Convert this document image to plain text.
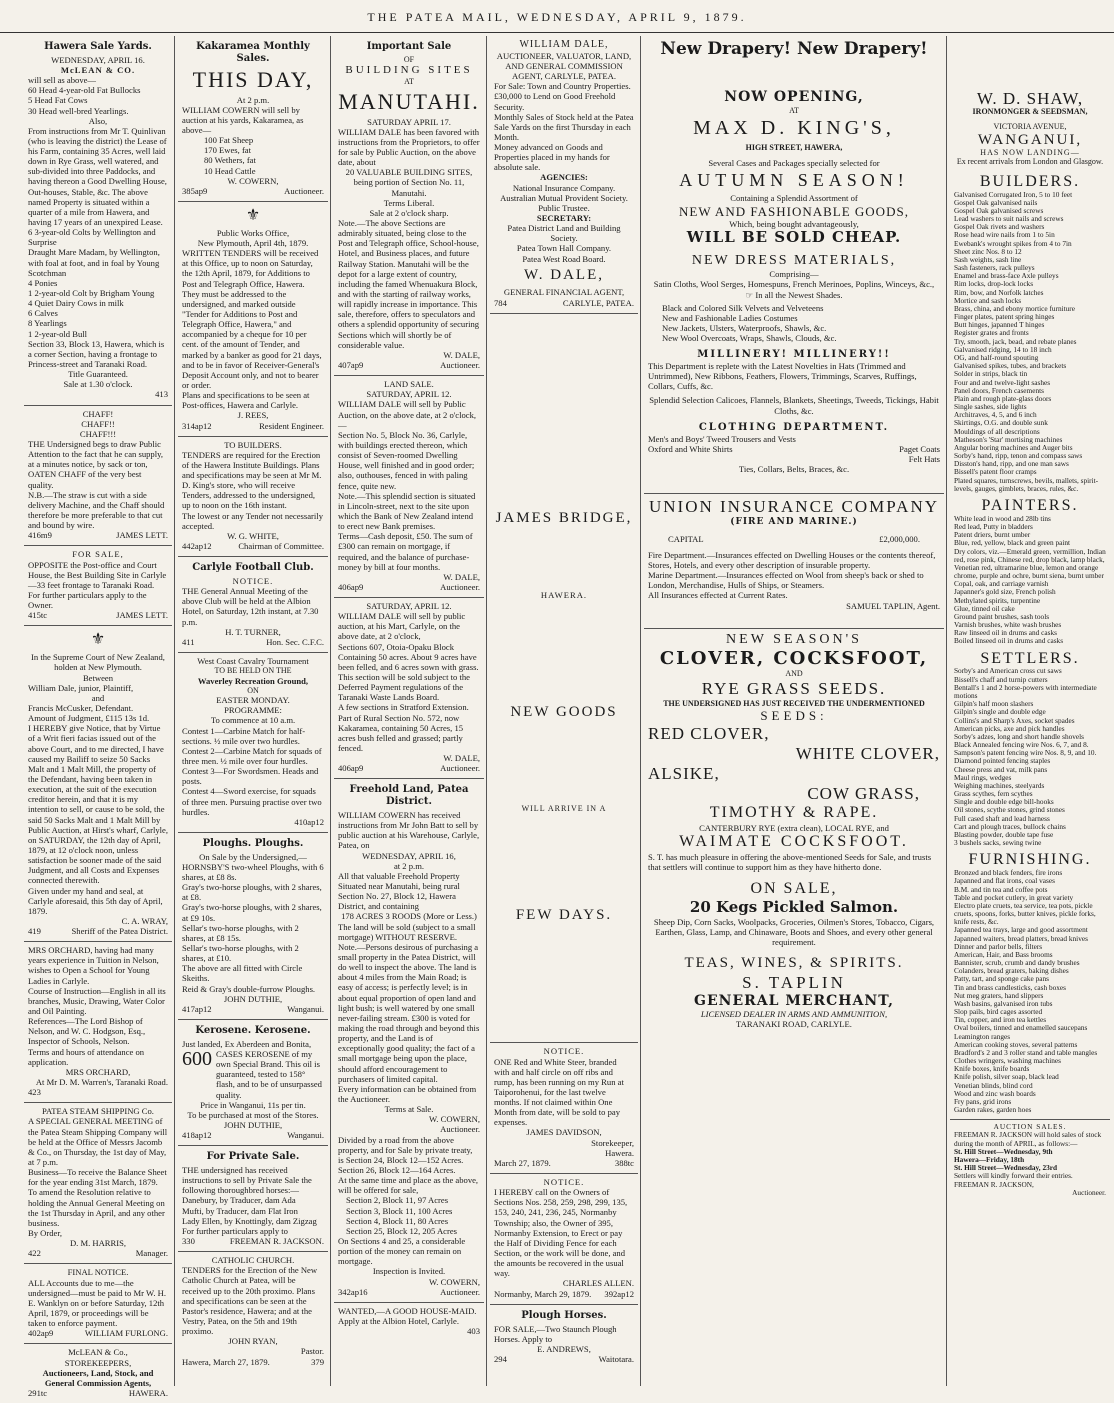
THE PATEA MAIL, WEDNESDAY, APRIL 9, 1879.
Hawera Sale Yards.
WEDNESDAY, APRIL 16.
McLEAN & CO.
will sell as above—
60 Head 4-year-old Fat Bullocks
5 Head Fat Cows
30 Head well-bred Yearlings.
Also,
From instructions from Mr T. Quinlivan (who is leaving the district) the Lease of his Farm, containing 35 Acres, well laid down in Rye Grass, well watered, and sub-divided into three Paddocks, and having thereon a Good Dwelling House, Out-houses, Stable, &c. The above named Property is situated within a quarter of a mile from Hawera, and having 17 years of an unexpired Lease.
6 3-year-old Colts by Wellington and Surprise
Draught Mare Madam, by Wellington, with foal at foot, and in foal by Young Scotchman
4 Ponies
1 2-year-old Colt by Brigham Young
4 Quiet Dairy Cows in milk
6 Calves
8 Yearlings
1 2-year-old Bull
Section 33, Block 13, Hawera, which is a corner Section, having a frontage to Princess-street and Taranaki Road.
Title Guaranteed.
Sale at 1.30 o'clock.
413
CHAFF!
CHAFF!!
CHAFF!!!
THE Undersigned begs to draw Public Attention to the fact that he can supply, at a minutes notice, by sack or ton, OATEN CHAFF of the very best quality.
N.B.—The straw is cut with a side delivery Machine, and the Chaff should therefore be more preferable to that cut and bound by wire.
416m9	JAMES LETT.
FOR SALE,
OPPOSITE the Post-office and Court House, the Best Building Site in Carlyle—33 feet frontage to Taranaki Road.
For further particulars apply to the Owner.
415tc	JAMES LETT.
⚜
In the Supreme Court of New Zealand, holden at New Plymouth.
Between
William Dale, junior, Plaintiff,
and
Francis McCusker, Defendant.
Amount of Judgment, £115 13s 1d.
I HEREBY give Notice, that by Virtue of a Writ fieri facias issued out of the above Court, and to me directed, I have caused my Bailiff to seize 50 Sacks Malt and 1 Malt Mill, the property of the Defendant, having been taken in execution, at the suit of the execution creditor herein, and that it is my intention to sell, or cause to be sold, the said 50 Sacks Malt and 1 Malt Mill by Public Auction, at Hirst's wharf, Carlyle, on SATURDAY, the 12th day of April, 1879, at 12 o'clock noon, unless satisfaction be sooner made of the said Judgment, and all Costs and Expenses connected therewith.
Given under my hand and seal, at Carlyle aforesaid, this 5th day of April, 1879.
C. A. WRAY,
419	Sheriff of the Patea District.
MRS ORCHARD, having had many years experience in Tuition in Nelson, wishes to Open a School for Young Ladies in Carlyle.
Course of Instruction—English in all its branches, Music, Drawing, Water Color and Oil Painting.
References—The Lord Bishop of Nelson, and W. C. Hodgson, Esq., Inspector of Schools, Nelson.
Terms and hours of attendance on application.
MRS ORCHARD,
At Mr D. M. Warren's, Taranaki Road.
423
PATEA STEAM SHIPPING Co.
A SPECIAL GENERAL MEETING of the Patea Steam Shipping Company will be held at the Office of Messrs Jacomb & Co., on Thursday, the 1st day of May, at 7 p.m.
Business—To receive the Balance Sheet for the year ending 31st March, 1879. To amend the Resolution relative to holding the Annual General Meeting on the 1st Thursday in April, and any other business.
By Order,
D. M. HARRIS,
422	Manager.
FINAL NOTICE.
ALL Accounts due to me—the undersigned—must be paid to Mr W. H. E. Wanklyn on or before Saturday, 12th April, 1879, or proceedings will be taken to enforce payment.
402ap9	WILLIAM FURLONG.
McLEAN & Co.,
STOREKEEPERS,
Auctioneers, Land, Stock, and General Commission Agents,
291tc	HAWERA.
Kakaramea Monthly Sales.
THIS DAY,
At 2 p.m.
WILLIAM COWERN will sell by auction at his yards, Kakaramea, as above—
100 Fat Sheep
170 Ewes, fat
80 Wethers, fat
10 Head Cattle
W. COWERN,
385ap9	Auctioneer.
⚜
Public Works Office,
New Plymouth, April 4th, 1879.
WRITTEN TENDERS will be received at this Office, up to noon on Saturday, the 12th April, 1879, for Additions to Post and Telegraph Office, Hawera.
They must be addressed to the undersigned, and marked outside "Tender for Additions to Post and Telegraph Office, Hawera," and accompanied by a cheque for 10 per cent. of the amount of Tender, and marked by a banker as good for 21 days, and to be in favor of Receiver-General's Deposit Account only, and not to bearer or order.
Plans and specifications to be seen at Post-offices, Hawera and Carlyle.
J. REES,
314ap12	Resident Engineer.
TO BUILDERS.
TENDERS are required for the Erection of the Hawera Institute Buildings. Plans and specifications may be seen at Mr M. D. King's store, who will receive Tenders, addressed to the undersigned, up to noon on the 16th instant.
The lowest or any Tender not necessarily accepted.
W. G. WHITE,
442ap12	Chairman of Committee.
Carlyle Football Club.
NOTICE.
THE General Annual Meeting of the above Club will be held at the Albion Hotel, on Saturday, 12th instant, at 7.30 p.m.
H. T. TURNER,
411	Hon. Sec. C.F.C.
West Coast Cavalry Tournament
TO BE HELD ON THE
Waverley Recreation Ground,
ON
EASTER MONDAY.
PROGRAMME:
To commence at 10 a.m.
Contest 1—Carbine Match for half-sections. ½ mile over two hurdles.
Contest 2—Carbine Match for squads of three men. ½ mile over four hurdles.
Contest 3—For Swordsmen. Heads and posts.
Contest 4—Sword exercise, for squads of three men. Pursuing practise over two hurdles.
410ap12
Ploughs. Ploughs.
On Sale by the Undersigned,—
HORNSBY'S two-wheel Ploughs, with 6 shares, at £8 8s.
Gray's two-horse ploughs, with 2 shares, at £8.
Gray's two-horse ploughs, with 2 shares, at £9 10s.
Sellar's two-horse ploughs, with 2 shares, at £8 15s.
Sellar's two-horse ploughs, with 2 shares, at £10.
The above are all fitted with Circle Skeiths.
Reid & Gray's double-furrow Ploughs.
JOHN DUTHIE,
417ap12	Wanganui.
Kerosene. Kerosene.
Just landed, Ex Aberdeen and Bonita,
600 CASES KEROSENE of my own Special Brand. This oil is guaranteed, tested to 158° flash, and to be of unsurpassed quality.
Price in Wanganui, 11s per tin.
To be purchased at most of the Stores.
JOHN DUTHIE,
418ap12	Wanganui.
For Private Sale.
THE undersigned has received instructions to sell by Private Sale the following thoroughbred horses:—
Danebury, by Traducer, dam Ada
Mufti, by Traducer, dam Flat Iron
Lady Ellen, by Knottingly, dam Zigzag
For further particulars apply to
330	FREEMAN R. JACKSON.
CATHOLIC CHURCH.
TENDERS for the Erection of the New Catholic Church at Patea, will be received up to the 20th proximo. Plans and specifications can be seen at the Pastor's residence, Hawera; and at the Vestry, Patea, on the 5th and 19th proximo.
JOHN RYAN,
Pastor.
Hawera, March 27, 1879.	379
Important Sale
OF
BUILDING SITES
AT
MANUTAHI.
SATURDAY APRIL 17.
WILLIAM DALE has been favored with instructions from the Proprietors, to offer for sale by Public Auction, on the above date, about
20 VALUABLE BUILDING SITES,
being portion of Section No. 11,
Manutahi.
Terms Liberal.
Sale at 2 o'clock sharp.
Note.—The above Sections are admirably situated, being close to the Post and Telegraph office, School-house, Hotel, and Business places, and future Railway Station. Manutahi will be the depot for a large extent of country, including the famed Whenuakura Block, and with the starting of railway works, will rapidly increase in importance. This sale, therefore, offers to speculators and others a splendid opportunity of securing Sections which will shortly be of considerable value.
W. DALE,
407ap9	Auctioneer.
LAND SALE.
SATURDAY, APRIL 12.
WILLIAM DALE will sell by Public Auction, on the above date, at 2 o'clock,—
Section No. 5, Block No. 36, Carlyle, with buildings erected thereon, which consist of Seven-roomed Dwelling House, well finished and in good order; also, outhouses, fenced in with paling fence, quite new.
Note.—This splendid section is situated in Lincoln-street, next to the site upon which the Bank of New Zealand intend to erect new Bank premises.
Terms—Cash deposit, £50. The sum of £300 can remain on mortgage, if required, and the balance of purchase-money by bill at four months.
W. DALE,
406ap9	Auctioneer.
SATURDAY, APRIL 12.
WILLIAM DALE will sell by public auction, at his Mart, Carlyle, on the above date, at 2 o'clock,
Sections 607, Otoia-Opaku Block Containing 50 acres. About 9 acres have been felled, and 6 acres sown with grass.
This section will be sold subject to the Deferred Payment regulations of the Taranaki Waste Lands Board.
A few sections in Stratford Extension.
Part of Rural Section No. 572, now Kakaramea, containing 50 Acres, 15 acres bush felled and grassed; partly fenced.
W. DALE,
406ap9	Auctioneer.
Freehold Land, Patea District.
WILLIAM COWERN has received instructions from Mr John Batt to sell by public auction at his Warehouse, Carlyle, Patea, on
WEDNESDAY, APRIL 16,
at 2 p.m.
All that valuable Freehold Property Situated near Manutahi, being rural Section No. 27, Block 12, Hawera District, and containing
178 ACRES 3 ROODS (More or Less.)
The land will be sold (subject to a small mortgage) WITHOUT RESERVE.
Note.—Persons desirous of purchasing a small property in the Patea District, will do well to inspect the above. The land is about 4 miles from the Main Road; is easy of access; is perfectly level; is in about equal proportion of open land and light bush; is well watered by one small never-failing stream. £300 is voted for making the road through and beyond this property, and the Land is of exceptionally good quality; the fact of a small mortgage being upon the place, should afford encouragement to purchasers of limited capital.
Every information can be obtained from the Auctioneer.
Terms at Sale.
W. COWERN,
Auctioneer.
Divided by a road from the above property, and for Sale by private treaty, is Section 24, Block 12—152 Acres. Section 26, Block 12—164 Acres.
At the same time and place as the above, will be offered for sale,
Section 2, Block 11, 97 Acres
Section 3, Block 11, 100 Acres
Section 4, Block 11, 80 Acres
Section 25, Block 12, 205 Acres
On Sections 4 and 25, a considerable portion of the money can remain on mortgage.
Inspection is Invited.
W. COWERN,
342ap16	Auctioneer.
WANTED,—A GOOD HOUSE-MAID. Apply at the Albion Hotel, Carlyle.
403
WILLIAM DALE,
AUCTIONEER, VALUATOR, LAND, AND GENERAL COMMISSION AGENT, CARLYLE, PATEA.
For Sale: Town and Country Properties.
£30,000 to Lend on Good Freehold Security.
Monthly Sales of Stock held at the Patea Sale Yards on the first Thursday in each Month.
Money advanced on Goods and Properties placed in my hands for absolute sale.
AGENCIES:
National Insurance Company.
Australian Mutual Provident Society.
Public Trustee.
SECRETARY:
Patea District Land and Building Society.
Patea Town Hall Company.
Patea West Road Board.
W. DALE,
GENERAL FINANCIAL AGENT,
784	CARLYLE, PATEA.
JAMES BRIDGE,
HAWERA.
NEW GOODS
WILL ARRIVE IN A
FEW DAYS.
NOTICE.
ONE Red and White Steer, branded with and half circle on off ribs and rump, has been running on my Run at Taiporohenui, for the last twelve months. If not claimed within One Month from date, will be sold to pay expenses.
JAMES DAVIDSON,
Storekeeper,
Hawera.
March 27, 1879.	388tc
NOTICE.
I HEREBY call on the Owners of Sections Nos. 258, 259, 298, 299, 135, 153, 240, 241, 236, 245, Normanby Township; also, the Owner of 395, Normanby Extension, to Erect or pay the Half of Dividing Fence for each Section, or the work will be done, and the amounts be recovered in the usual way.
CHARLES ALLEN.
Normanby, March 29, 1879. 392ap12
Plough Horses.
FOR SALE,—Two Staunch Plough Horses. Apply to
E. ANDREWS,
294	Waitotara.
New Drapery! New Drapery!
NOW OPENING,
AT
MAX D. KING'S,
HIGH STREET, HAWERA,
Several Cases and Packages specially selected for
AUTUMN SEASON!
Containing a Splendid Assortment of
NEW AND FASHIONABLE GOODS,
Which, being bought advantageously,
WILL BE SOLD CHEAP.
NEW DRESS MATERIALS,
Comprising—
Satin Cloths, Wool Serges, Homespuns, French Merinoes, Poplins, Winceys, &c.,
☞ In all the Newest Shades.
Black and Colored Silk Velvets and Velveteens
New and Fashionable Ladies Costumes
New Jackets, Ulsters, Waterproofs, Shawls, &c.
New Wool Overcoats, Wraps, Shawls, Clouds, &c.
MILLINERY! MILLINERY!!
This Department is replete with the Latest Novelties in Hats (Trimmed and Untrimmed), New Ribbons, Feathers, Flowers, Trimmings, Scarves, Ruffings, Collars, Cuffs, &c.
Splendid Selection Calicoes, Flannels, Blankets, Sheetings, Tweeds, Tickings, Habit Cloths, &c.
CLOTHING DEPARTMENT.
Men's and Boys' Tweed Trousers and Vests
Oxford and White Shirts	Paget Coats
Felt Hats
Ties, Collars, Belts, Braces, &c.
UNION INSURANCE COMPANY
(FIRE AND MARINE.)
CAPITAL	£2,000,000.
Fire Department.—Insurances effected on Dwelling Houses or the contents thereof, Stores, Hotels, and every other description of insurable property.
Marine Department.—Insurances effected on Wool from sheep's back or shed to London, Merchandise, Hulls of Ships, or Steamers.
All Insurances effected at Current Rates.
SAMUEL TAPLIN, Agent.
NEW SEASON'S
CLOVER, COCKSFOOT,
AND
RYE GRASS SEEDS.
THE UNDERSIGNED HAS JUST RECEIVED THE UNDERMENTIONED
SEEDS:
RED CLOVER,
WHITE CLOVER,
ALSIKE,
COW GRASS,
TIMOTHY & RAPE.
CANTERBURY RYE (extra clean), LOCAL RYE, and
WAIMATE COCKSFOOT.
S. T. has much pleasure in offering the above-mentioned Seeds for Sale, and trusts that settlers will continue to support him as they have hitherto done.
ON SALE,
20 Kegs Pickled Salmon.
Sheep Dip, Corn Sacks, Woolpacks, Groceries, Oilmen's Stores, Tobacco, Cigars, Earthen, Glass, Lamp, and Chinaware, Boots and Shoes, and every other general requirement.
TEAS, WINES, & SPIRITS.
S. TAPLIN
GENERAL MERCHANT,
LICENSED DEALER IN ARMS AND AMMUNITION,
TARANAKI ROAD, CARLYLE.
W. D. SHAW,
IRONMONGER & SEEDSMAN,
VICTORIA AVENUE,
WANGANUI,
HAS NOW LANDING—
Ex recent arrivals from London and Glasgow.
BUILDERS.
Galvanised Corrugated Iron, 5 to 10 feet
Gospel Oak galvanised nails
Gospel Oak galvanised screws
Lead washers to suit nails and screws
Gospel Oak rivets and washers
Rose head wire nails from 1 to 5in
Ewebank's wrought spikes from 4 to 7in
Sheet zinc Nos. 8 to 12
Sash weights, sash line
Sash fasteners, rack pulleys
Enamel and brass-face Axle pulleys
Rim locks, drop-lock locks
Rim, bow, and Norfolk latches
Mortice and sash locks
Brass, china, and ebony mortice furniture
Finger plates, patent spring hinges
Butt hinges, japanned T hinges
Register grates and fronts
Try, smooth, jack, bead, and rebate planes
Galvanised ridging, 14 to 18 inch
OG, and half-round spouting
Galvanised spikes, tubes, and brackets
Solder in strips, black tin
Four and and twelve-light sashes
Panel doors, French casements
Plain and rough plate-glass doors
Single sashes, side lights
Architraves, 4, 5, and 6 inch
Skirtings, O.G. and double sunk
Mouldings of all descriptions
Matheson's 'Star' mortising machines
Angular boring machines and Auger bits
Sorby's hand, ripp, tenon and compass saws
Disston's hand, ripp, and one man saws
Bissell's patent floor cramps
Plated squares, turnscrews, bevils, mallets, spirit-levels, gauges, gimblets, braces, rules, &c.
PAINTERS.
White lead in wood and 28lb tins
Red lead, Putty in bladders
Patent driers, burnt umber
Blue, red, yellow, black and green paint
Dry colors, viz.—Emerald green, vermillion, Indian red, rose pink, Chinese red, drop black, lamp black, Venetian red, ultramarine blue, lemon and orange chrome, purple and ochre, burnt siena, burnt umber
Copal, oak, and carriage varnish
Japanner's gold size, French polish
Methylated spirits, turpentine
Glue, tinned oil cake
Ground paint brushes, sash tools
Varnish brushes, white wash brushes
Raw linseed oil in drums and casks
Boiled linseed oil in drums and casks
SETTLERS.
Sorby's and American cross cut saws
Bissell's chaff and turnip cutters
Bentall's 1 and 2 horse-powers with intermediate motions
Gilpin's half moon slashers
Gilpin's single and double edge
Collins's and Sharp's Axes, socket spades
American picks, axe and pick handles
Sorby's adzes, long and short handle shovels
Black Annealed fencing wire Nos. 6, 7, and 8.
Sampson's patent fencing wire Nos. 8, 9, and 10.
Diamond pointed fencing staples
Cheese press and vat, milk pans
Maul rings, wedges
Weighing machines, steelyards
Grass scythes, fern scythes
Single and double edge bill-hooks
Oil stones, scythe stones, grind stones
Full cased shaft and lead harness
Cart and plough traces, bullock chains
Blasting powder, double tape fuse
3 bushels sacks, sewing twine
FURNISHING.
Bronzed and black fenders, fire irons
Japanned and flat irons, coal vases
B.M. and tin tea and coffee pots
Table and pocket cutlery, in great variety
Electro plate cruets, tea service, tea pots, pickle cruets, spoons, forks, butter knives, pickle forks, knife rests, &c.
Japanned tea trays, large and good assortment
Japanned waiters, bread platters, bread knives
Dinner and parlor bells, filters
American, Hair, and Bass brooms
Bannister, scrub, crumb and dandy brushes
Colanders, bread graters, baking dishes
Patty, tart, and sponge cake pans
Tin and brass candlesticks, cash boxes
Nut meg graters, hand slippers
Wash basins, galvanised iron tubs
Slop pails, bird cages assorted
Tin, copper, and iron tea kettles
Oval boilers, tinned and enamelled saucepans
Leamington ranges
American cooking stoves, several patterns
Bradford's 2 and 3 roller stand and table mangles
Clothes wringers, washing machines
Knife boxes, knife boards
Knife polish, silver soap, black lead
Venetian blinds, blind cord
Wood and zinc wash boards
Fry pans, grid irons
Garden rakes, garden hoes
AUCTION SALES.
FREEMAN R. JACKSON will hold sales of stock during the month of APRIL, as follows:—
St. Hill Street—Wednesday, 9th
Hawera—Friday, 18th
St. Hill Street—Wednesday, 23rd
Settlers will kindly forward their entries.
FREEMAN R. JACKSON,
Auctioneer.
